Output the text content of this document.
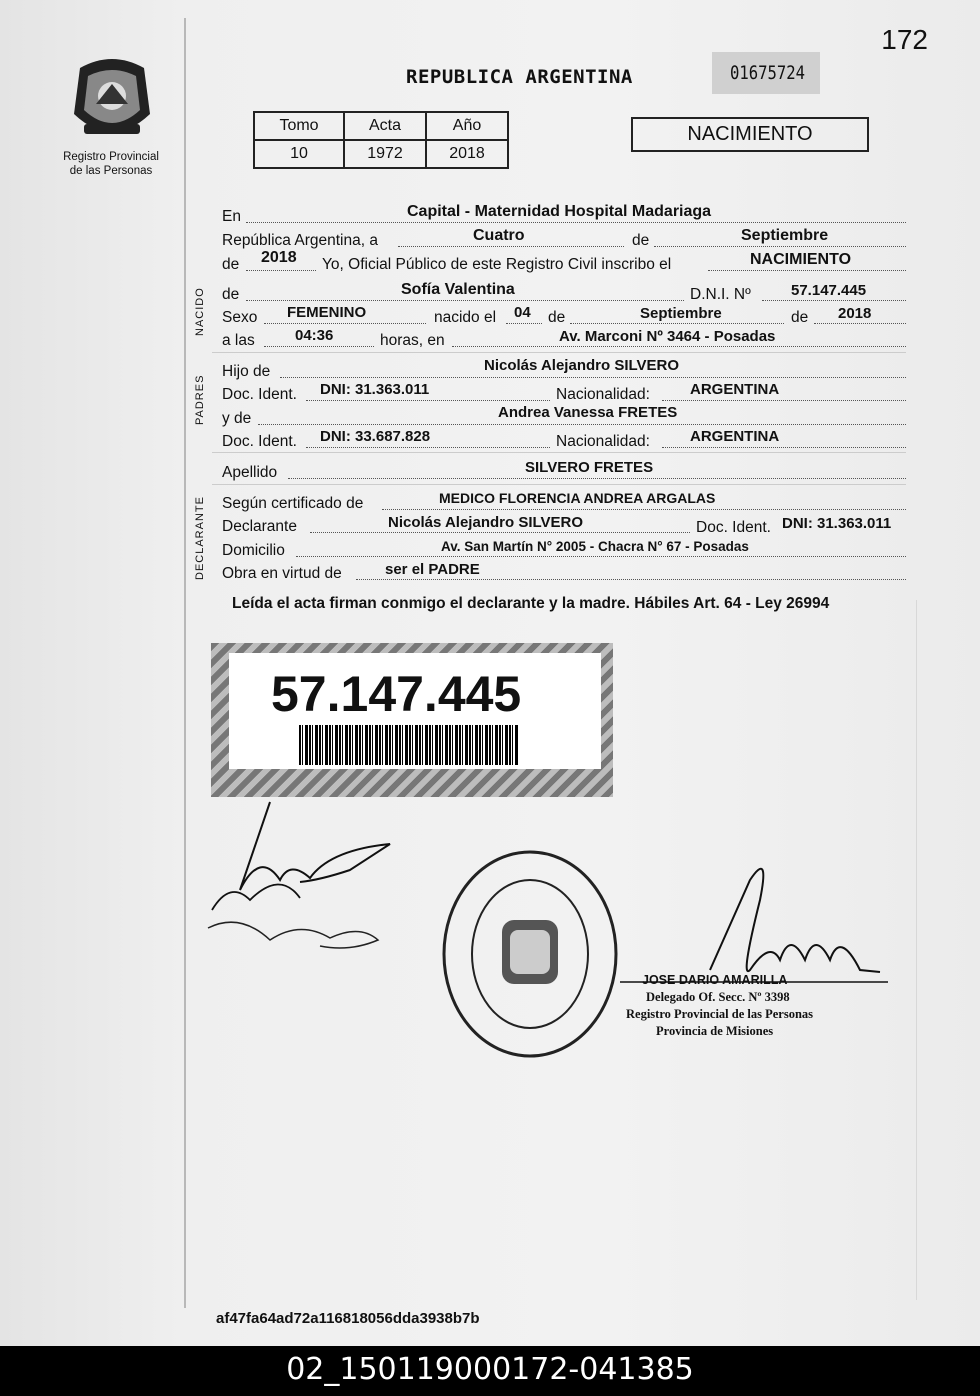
172
Registro Provincial
de las Personas
REPUBLICA ARGENTINA	01675724
Tomo	Acta	Año
10	1972	2018
NACIMIENTO
En	Capital - Maternidad Hospital Madariaga
República Argentina, a	Cuatro	de	Septiembre
de 2018 Yo, Oficial Público de este Registro Civil inscribo el	NACIMIENTO
NACIDO de	Sofía Valentina	D.N.I. Nº	57.147.445
Sexo FEMENINO	nacido el 04 de	Septiembre	de 2018
a las	04:36	horas, en	Av. Marconi Nº 3464 - Posadas
PADRES
Hijo de	Nicolás Alejandro SILVERO
Doc. Ident. DNI: 31.363.011	Nacionalidad:	ARGENTINA
y de	Andrea Vanessa FRETES
Doc. Ident. DNI: 33.687.828	Nacionalidad:	ARGENTINA
Apellido	SILVERO FRETES
DECLARANTE Según certificado de	MEDICO FLORENCIA ANDREA ARGALAS
Declarante	Nicolás Alejandro SILVERO	Doc. Ident. DNI: 31.363.011
Domicilio	Av. San Martín N° 2005 - Chacra N° 67 - Posadas
Obra en virtud de	ser el PADRE
Leída el acta firman conmigo el declarante y la madre. Hábiles Art. 64 - Ley 26994
57.147.445
JOSE DARIO AMARILLA
Delegado Of. Secc. Nº 3398
Registro Provincial de las Personas
Provincia de Misiones
af47fa64ad72a116818056dda3938b7b
02_150119000172-041385
